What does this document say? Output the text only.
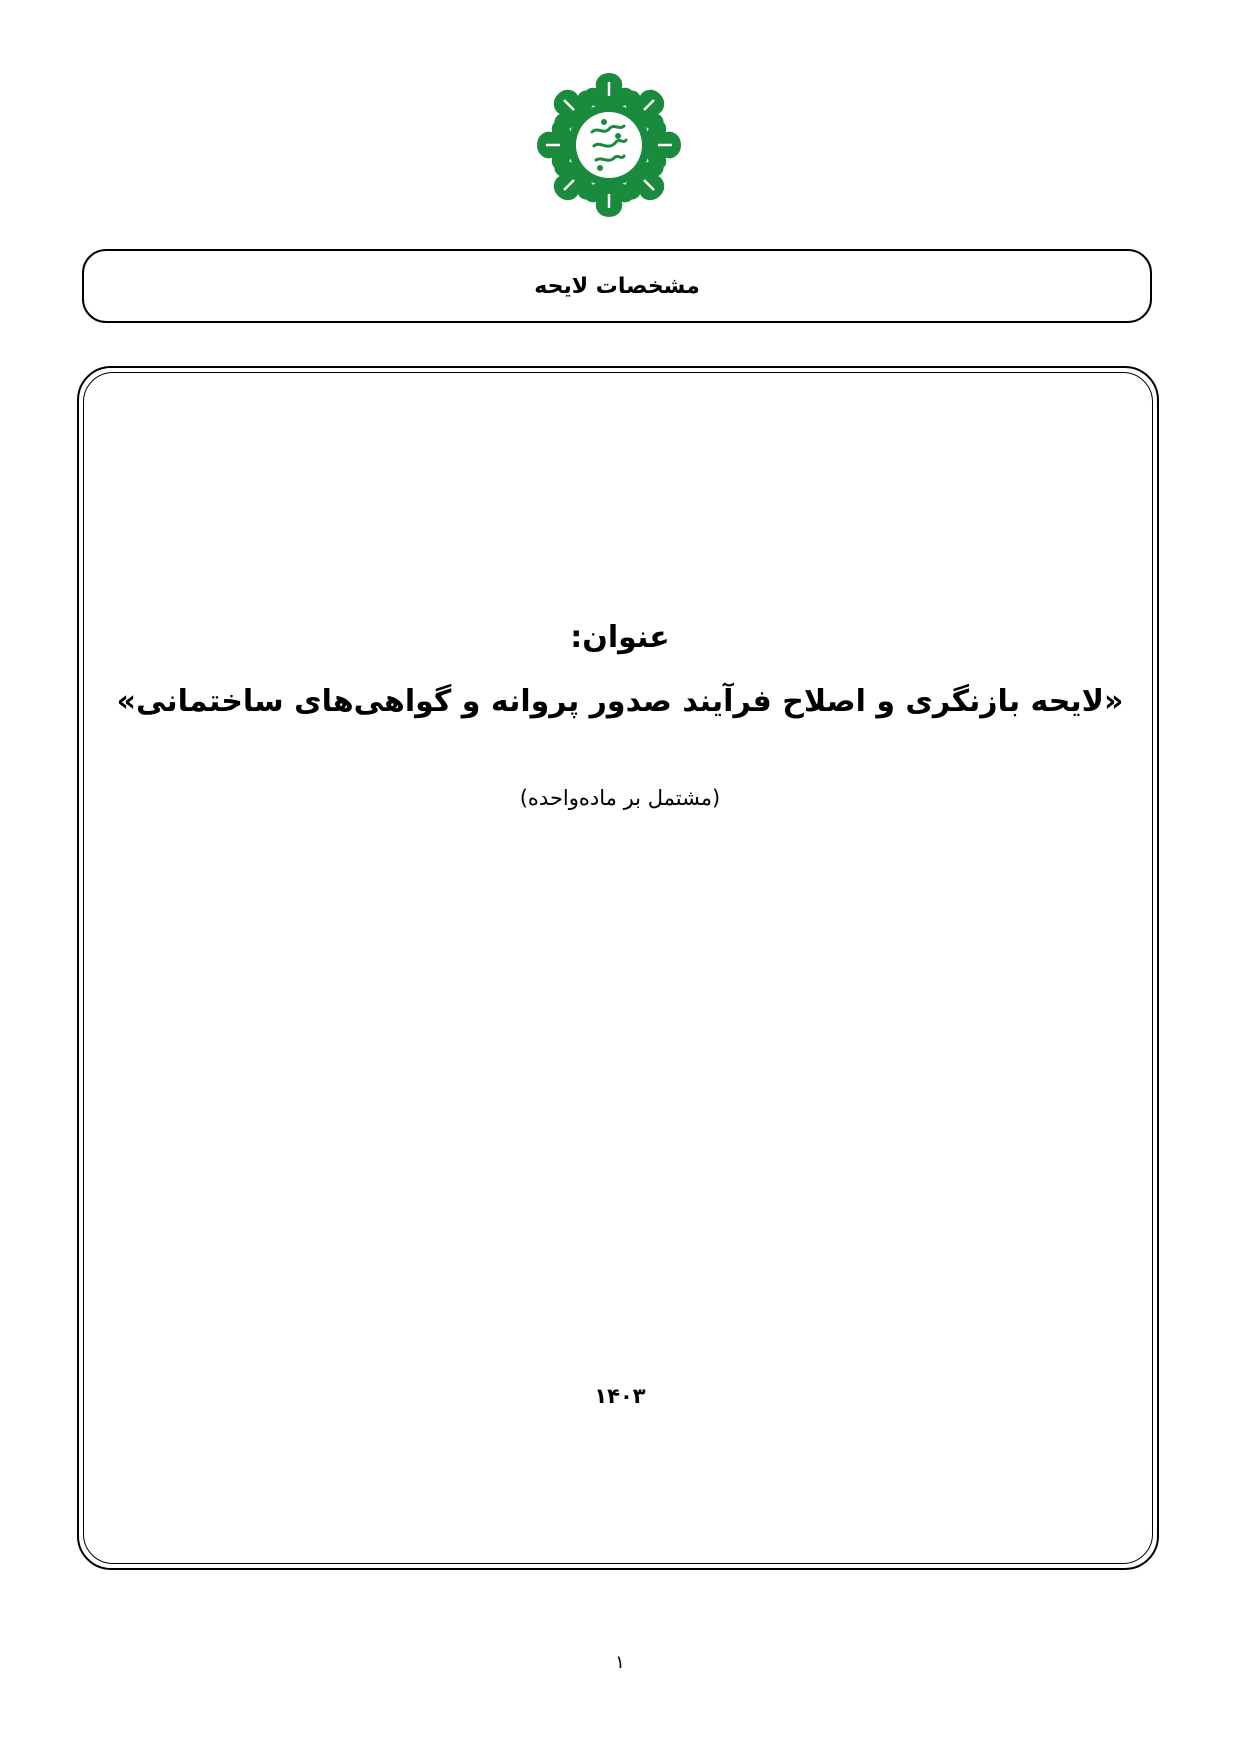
مشخصات لایحه
عنوان:
«لایحه بازنگری و اصلاح فرآیند صدور پروانه و گواهی‌های ساختمانی»
(مشتمل بر ماده‌واحده)
۱۴۰۳
۱
